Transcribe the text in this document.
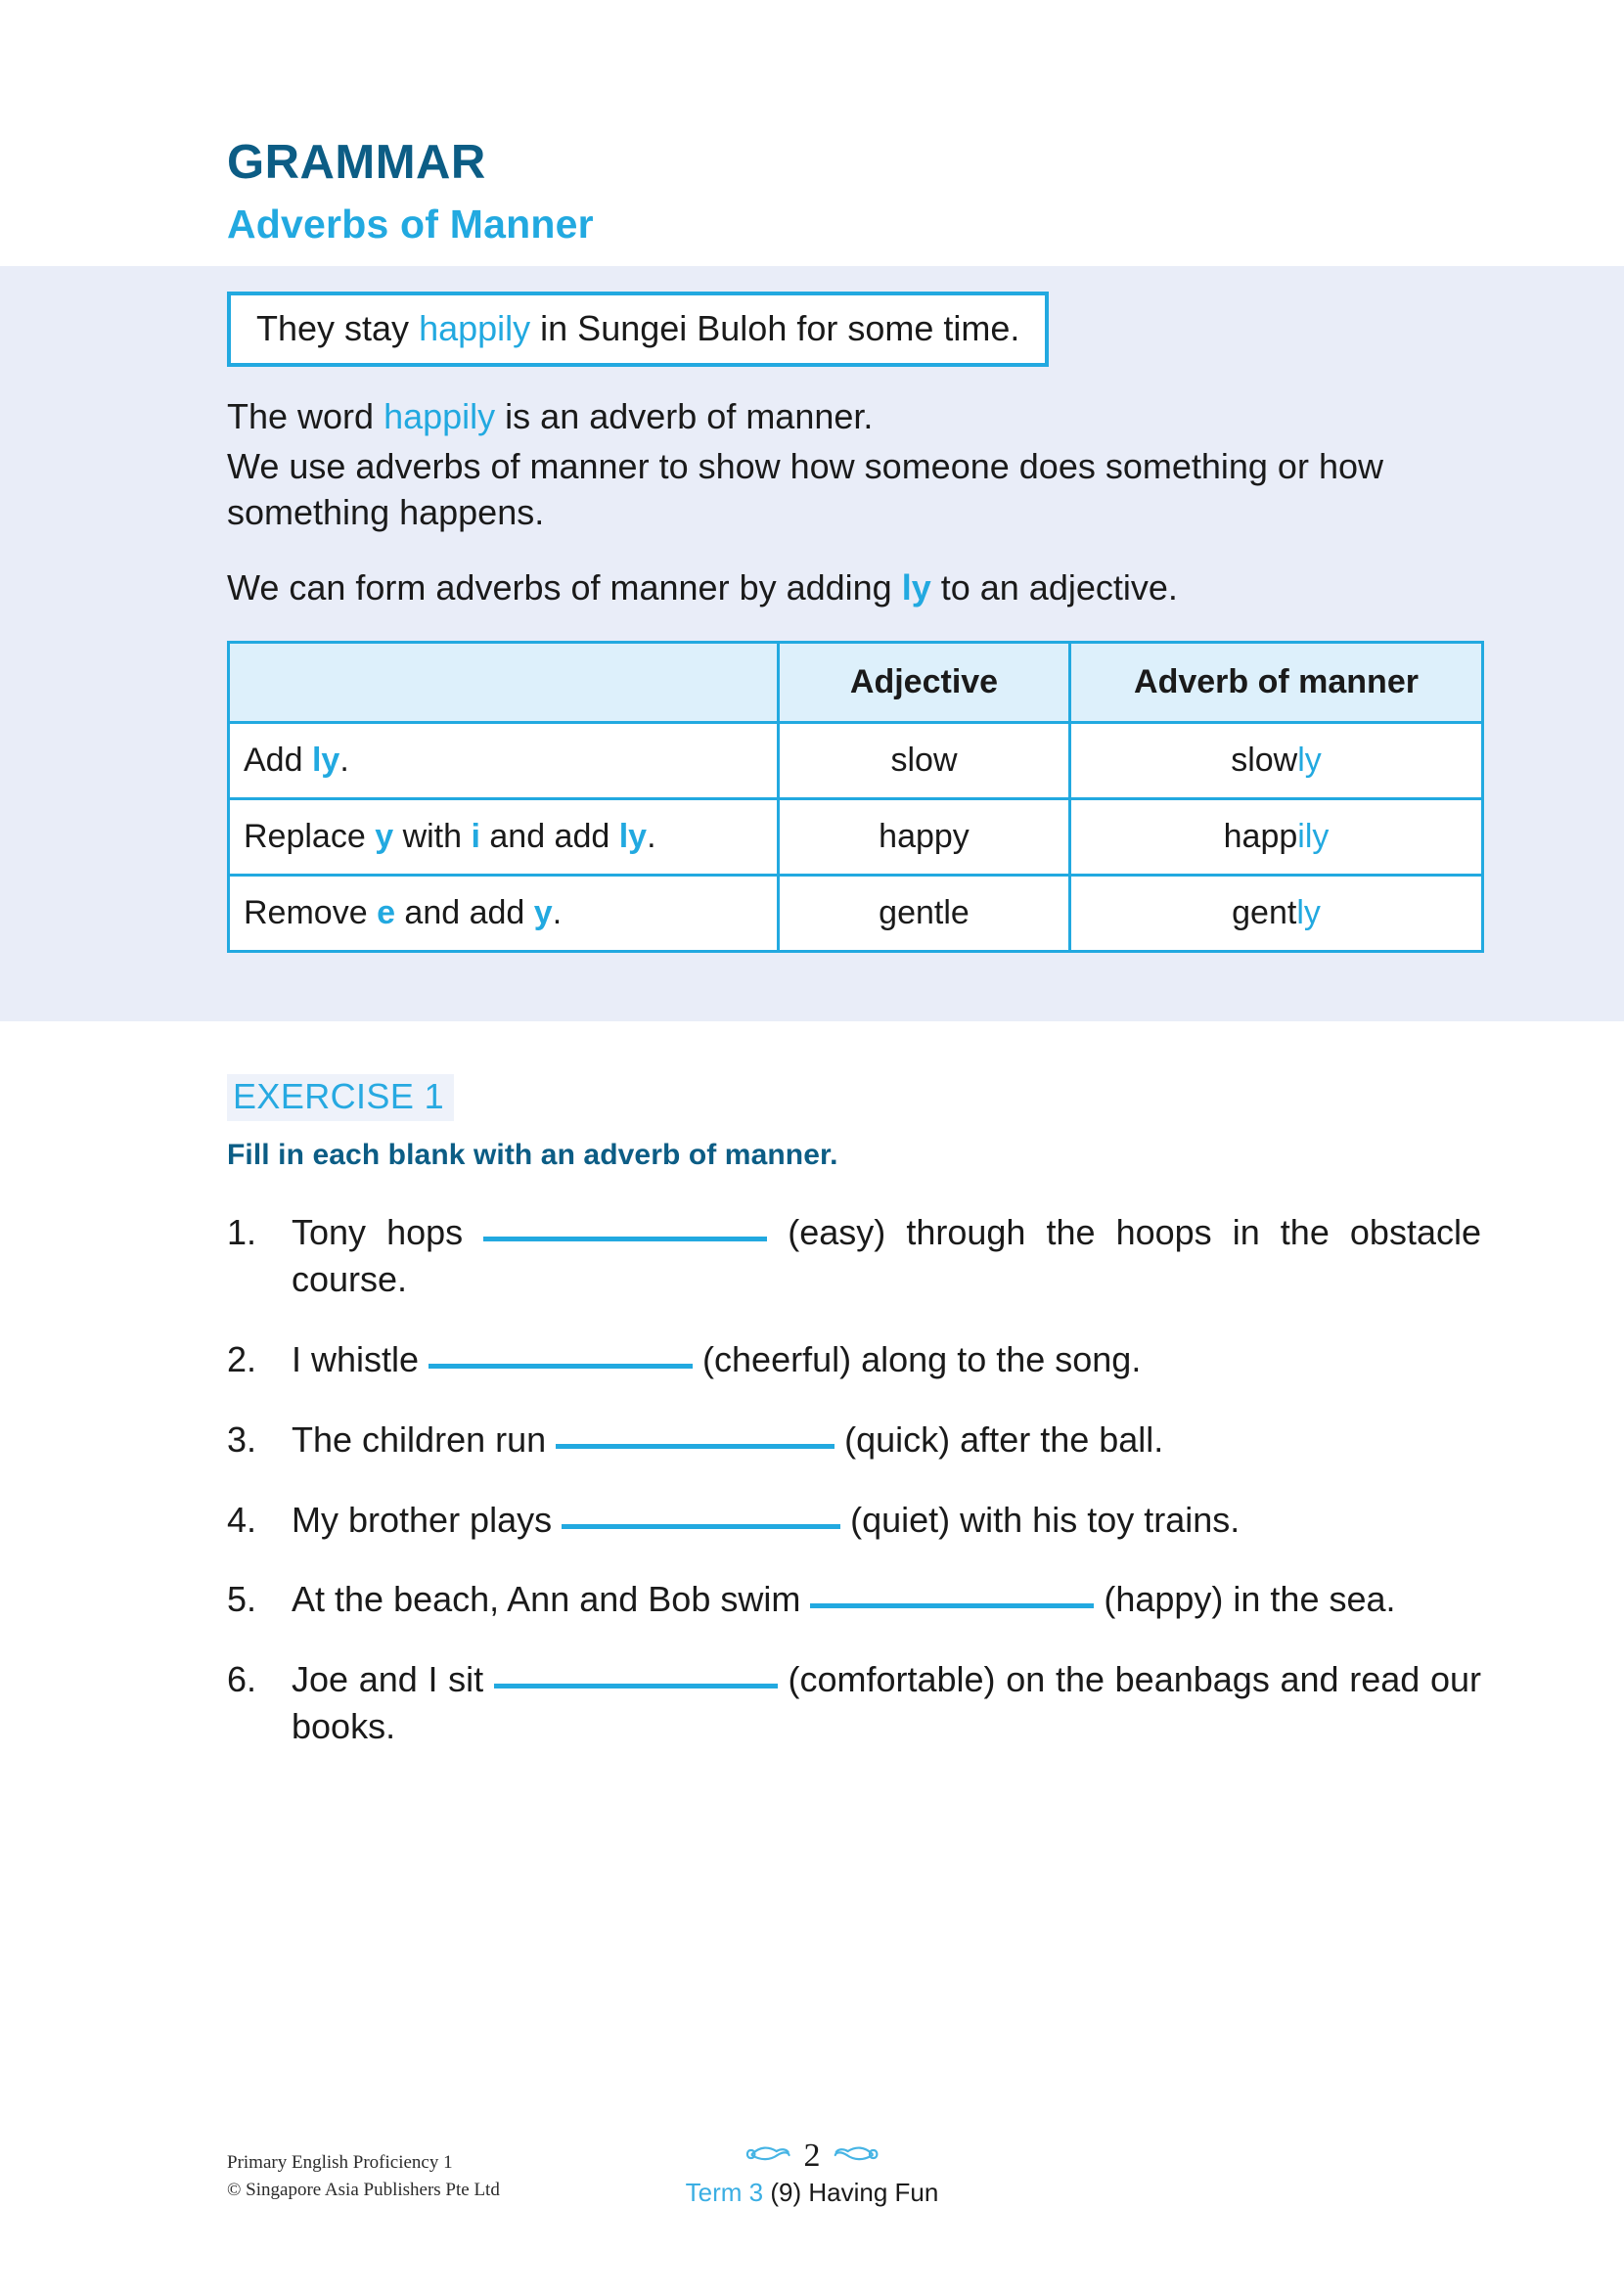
GRAMMAR
Adverbs of Manner
They stay happily in Sungei Buloh for some time.

The word happily is an adverb of manner.

We use adverbs of manner to show how someone does something or how something happens.

We can form adverbs of manner by adding ly to an adjective.

	Adjective	Adverb of manner
Add ly.	slow	slowly
Replace y with i and add ly.	happy	happily
Remove e and add y.	gentle	gently
EXERCISE 1
Fill in each blank with an adverb of manner.
1. Tony hops	(easy) through the hoops in the obstacle course.
2. I whistle	(cheerful) along to the song.
3. The children run	(quick) after the ball.
4. My brother plays	(quiet) with his toy trains.
5. At the beach, Ann and Bob swim	(happy) in the sea.
6. Joe and I sit	(comfortable) on the beanbags and read our books.
Primary English Proficiency 1
© Singapore Asia Publishers Pte Ltd
2
Term 3 (9) Having Fun
